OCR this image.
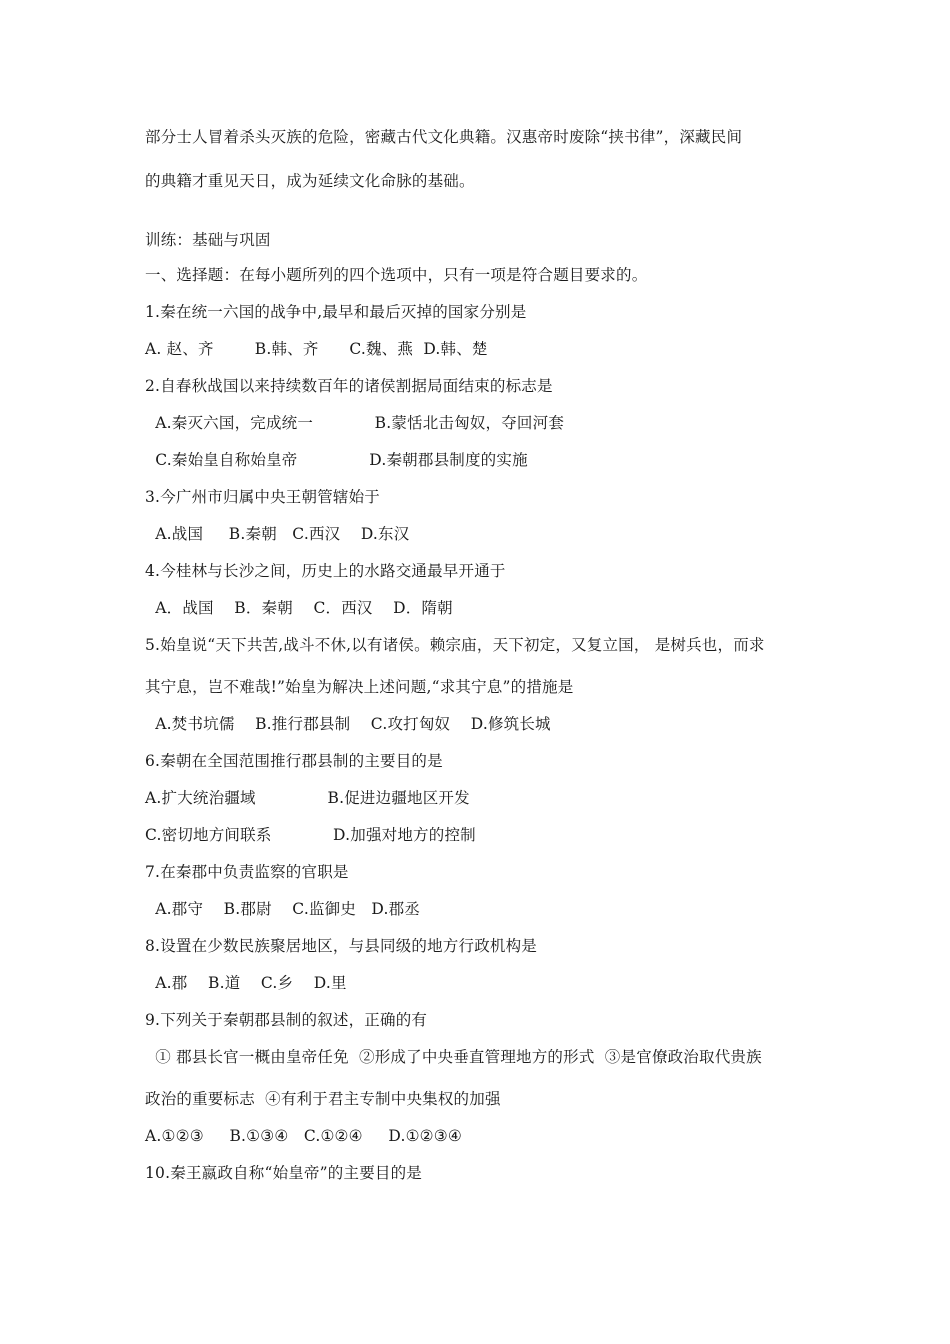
部分士人冒着杀头灭族的危险，密藏古代文化典籍。汉惠帝时废除“挟书律”，深藏民间
的典籍才重见天日，成为延续文化命脉的基础。
训练：基础与巩固
一、选择题：在每小题所列的四个选项中，只有一项是符合题目要求的。
1.秦在统一六国的战争中,最早和最后灭掉的国家分别是
A. 赵、齐        B.韩、齐      C.魏、燕  D.韩、楚
2.自春秋战国以来持续数百年的诸侯割据局面结束的标志是
A.秦灭六国，完成统一            B.蒙恬北击匈奴，夺回河套
C.秦始皇自称始皇帝              D.秦朝郡县制度的实施
3.今广州市归属中央王朝管辖始于
A.战国     B.秦朝   C.西汉    D.东汉
4.今桂林与长沙之间，历史上的水路交通最早开通于
A．战国    B．秦朝    C．西汉    D．隋朝
5.始皇说“天下共苦,战斗不休,以有诸侯。赖宗庙，天下初定，又复立国， 是树兵也，而求
其宁息，岂不难哉!”始皇为解决上述问题,“求其宁息”的措施是
A.焚书坑儒    B.推行郡县制    C.攻打匈奴    D.修筑长城
6.秦朝在全国范围推行郡县制的主要目的是
A.扩大统治疆域              B.促进边疆地区开发
C.密切地方间联系            D.加强对地方的控制
7.在秦郡中负责监察的官职是
A.郡守    B.郡尉    C.监御史   D.郡丞
8.设置在少数民族聚居地区，与县同级的地方行政机构是
A.郡    B.道    C.乡    D.里
9.下列关于秦朝郡县制的叙述，正确的有
① 郡县长官一概由皇帝任免  ②形成了中央垂直管理地方的形式  ③是官僚政治取代贵族
政治的重要标志  ④有利于君主专制中央集权的加强
A.①②③     B.①③④   C.①②④     D.①②③④
10.秦王嬴政自称“始皇帝”的主要目的是
